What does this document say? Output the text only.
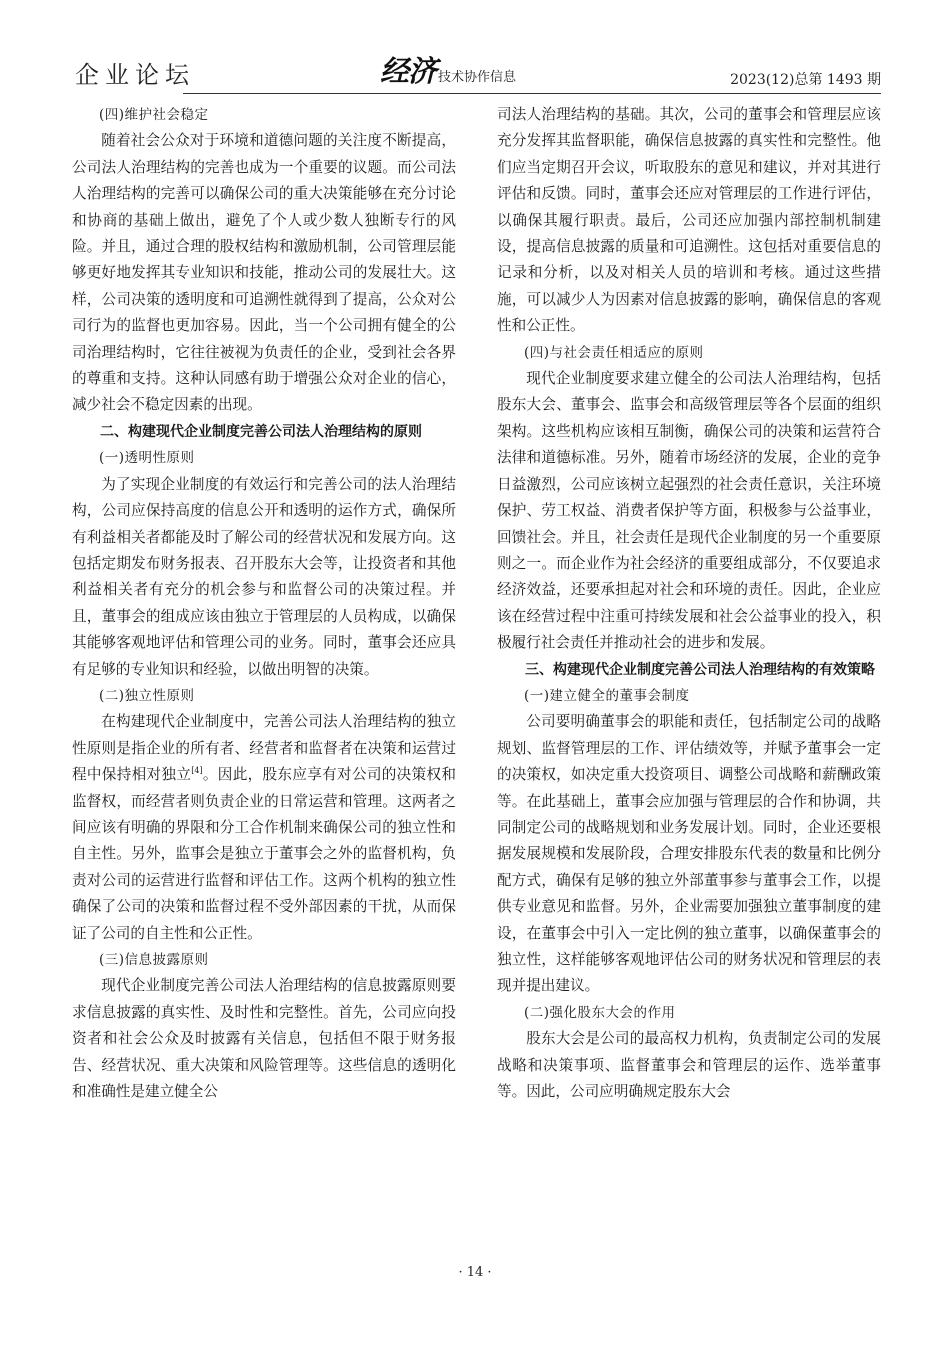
企业论坛	经济 技术协作信息	2023(12)总第 1493 期
(四)维护社会稳定

随着社会公众对于环境和道德问题的关注度不断提高，公司法人治理结构的完善也成为一个重要的议题。而公司法人治理结构的完善可以确保公司的重大决策能够在充分讨论和协商的基础上做出，避免了个人或少数人独断专行的风险。并且，通过合理的股权结构和激励机制，公司管理层能够更好地发挥其专业知识和技能，推动公司的发展壮大。这样，公司决策的透明度和可追溯性就得到了提高，公众对公司行为的监督也更加容易。因此，当一个公司拥有健全的公司治理结构时，它往往被视为负责任的企业，受到社会各界的尊重和支持。这种认同感有助于增强公众对企业的信心，减少社会不稳定因素的出现。

二、构建现代企业制度完善公司法人治理结构的原则
(一)透明性原则

为了实现企业制度的有效运行和完善公司的法人治理结构，公司应保持高度的信息公开和透明的运作方式，确保所有利益相关者都能及时了解公司的经营状况和发展方向。这包括定期发布财务报表、召开股东大会等，让投资者和其他利益相关者有充分的机会参与和监督公司的决策过程。并且，董事会的组成应该由独立于管理层的人员构成，以确保其能够客观地评估和管理公司的业务。同时，董事会还应具有足够的专业知识和经验，以做出明智的决策。

(二)独立性原则

在构建现代企业制度中，完善公司法人治理结构的独立性原则是指企业的所有者、经营者和监督者在决策和运营过程中保持相对独立[4]。因此，股东应享有对公司的决策权和监督权，而经营者则负责企业的日常运营和管理。这两者之间应该有明确的界限和分工合作机制来确保公司的独立性和自主性。另外，监事会是独立于董事会之外的监督机构，负责对公司的运营进行监督和评估工作。这两个机构的独立性确保了公司的决策和监督过程不受外部因素的干扰，从而保证了公司的自主性和公正性。

(三)信息披露原则

现代企业制度完善公司法人治理结构的信息披露原则要求信息披露的真实性、及时性和完整性。首先，公司应向投资者和社会公众及时披露有关信息，包括但不限于财务报告、经营状况、重大决策和风险管理等。这些信息的透明化和准确性是建立健全公

司法人治理结构的基础。其次，公司的董事会和管理层应该充分发挥其监督职能，确保信息披露的真实性和完整性。他们应当定期召开会议，听取股东的意见和建议，并对其进行评估和反馈。同时，董事会还应对管理层的工作进行评估，以确保其履行职责。最后，公司还应加强内部控制机制建设，提高信息披露的质量和可追溯性。这包括对重要信息的记录和分析，以及对相关人员的培训和考核。通过这些措施，可以减少人为因素对信息披露的影响，确保信息的客观性和公正性。

(四)与社会责任相适应的原则

现代企业制度要求建立健全的公司法人治理结构，包括股东大会、董事会、监事会和高级管理层等各个层面的组织架构。这些机构应该相互制衡，确保公司的决策和运营符合法律和道德标准。另外，随着市场经济的发展，企业的竞争日益激烈，公司应该树立起强烈的社会责任意识，关注环境保护、劳工权益、消费者保护等方面，积极参与公益事业，回馈社会。并且，社会责任是现代企业制度的另一个重要原则之一。而企业作为社会经济的重要组成部分，不仅要追求经济效益，还要承担起对社会和环境的责任。因此，企业应该在经营过程中注重可持续发展和社会公益事业的投入，积极履行社会责任并推动社会的进步和发展。

三、构建现代企业制度完善公司法人治理结构的有效策略
(一)建立健全的董事会制度

公司要明确董事会的职能和责任，包括制定公司的战略规划、监督管理层的工作、评估绩效等，并赋予董事会一定的决策权，如决定重大投资项目、调整公司战略和薪酬政策等。在此基础上，董事会应加强与管理层的合作和协调，共同制定公司的战略规划和业务发展计划。同时，企业还要根据发展规模和发展阶段，合理安排股东代表的数量和比例分配方式，确保有足够的独立外部董事参与董事会工作，以提供专业意见和监督。另外，企业需要加强独立董事制度的建设，在董事会中引入一定比例的独立董事，以确保董事会的独立性，这样能够客观地评估公司的财务状况和管理层的表现并提出建议。

(二)强化股东大会的作用

股东大会是公司的最高权力机构，负责制定公司的发展战略和决策事项、监督董事会和管理层的运作、选举董事等。因此，公司应明确规定股东大会

· 14 ·
